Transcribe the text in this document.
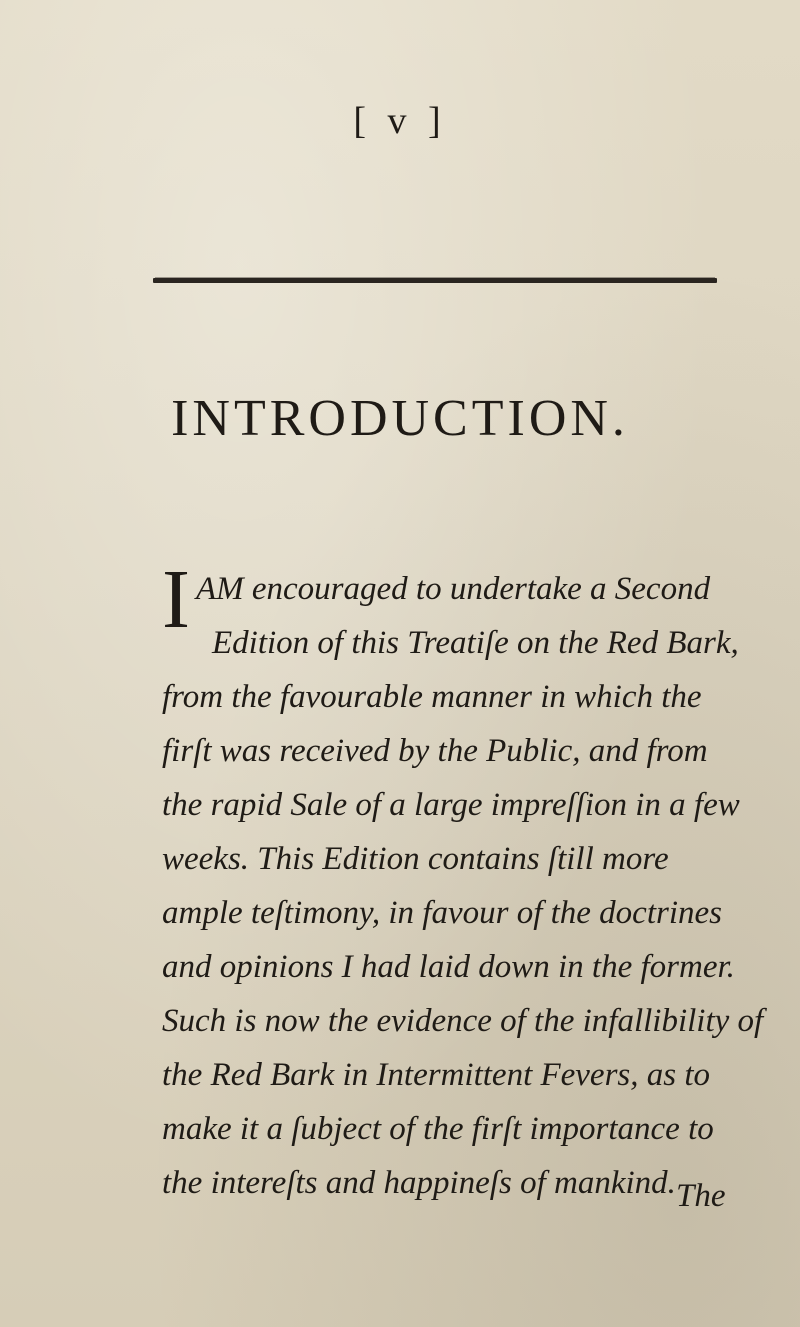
[ v ]
INTRODUCTION.

I AM encouraged to undertake a Second
Edition of this Treatiſe on the Red Bark,
from the favourable manner in which the
firſt was received by the Public, and from
the rapid Sale of a large impreſſion in a few
weeks. This Edition contains ſtill more
ample teſtimony, in favour of the doctrines
and opinions I had laid down in the former.
Such is now the evidence of the infallibility of
the Red Bark in Intermittent Fevers, as to
make it a ſubject of the firſt importance to
the intereſts and happineſs of mankind. The
